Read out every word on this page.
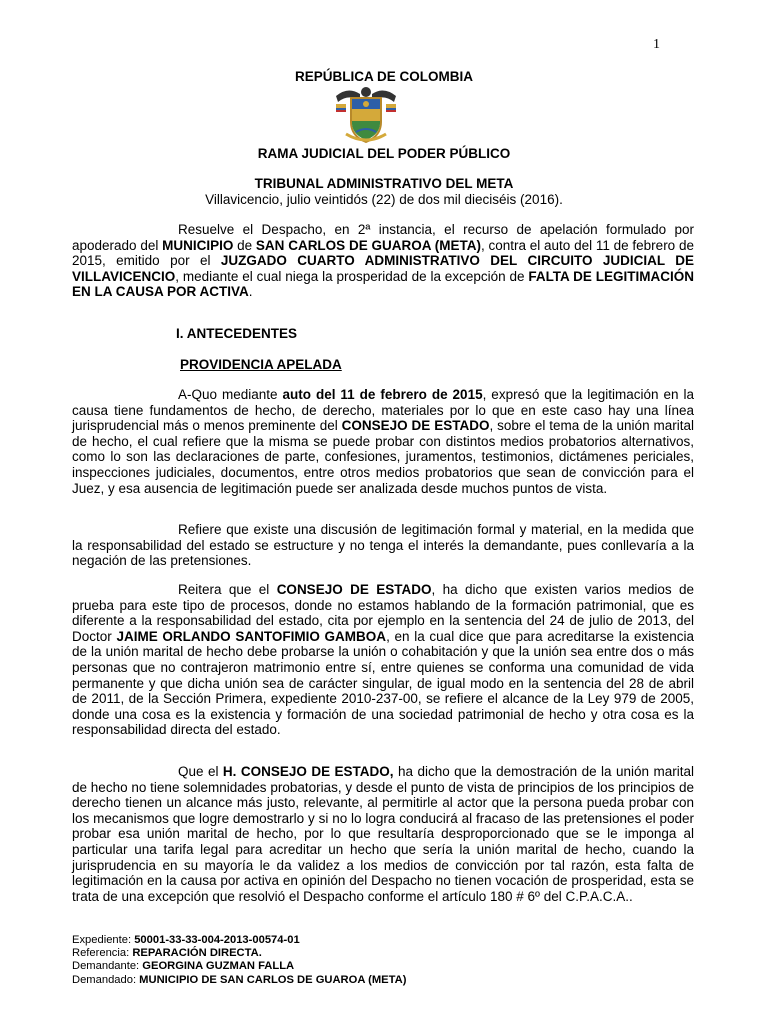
1
REPÚBLICA DE COLOMBIA
RAMA JUDICIAL DEL PODER PÚBLICO
TRIBUNAL ADMINISTRATIVO DEL META
Villavicencio, julio veintidós (22) de dos mil dieciséis (2016).

Resuelve el Despacho, en 2ª instancia, el recurso de apelación formulado por apoderado del MUNICIPIO de SAN CARLOS DE GUAROA (META), contra el auto del 11 de febrero de 2015, emitido por el JUZGADO CUARTO ADMINISTRATIVO DEL CIRCUITO JUDICIAL DE VILLAVICENCIO, mediante el cual niega la prosperidad de la excepción de FALTA DE LEGITIMACIÓN EN LA CAUSA POR ACTIVA.

I. ANTECEDENTES
PROVIDENCIA APELADA

A-Quo mediante auto del 11 de febrero de 2015, expresó que la legitimación en la causa tiene fundamentos de hecho, de derecho, materiales por lo que en este caso hay una línea jurisprudencial más o menos preminente del CONSEJO DE ESTADO, sobre el tema de la unión marital de hecho, el cual refiere que la misma se puede probar con distintos medios probatorios alternativos, como lo son las declaraciones de parte, confesiones, juramentos, testimonios, dictámenes periciales, inspecciones judiciales, documentos, entre otros medios probatorios que sean de convicción para el Juez, y esa ausencia de legitimación puede ser analizada desde muchos puntos de vista.

Refiere que existe una discusión de legitimación formal y material, en la medida que la responsabilidad del estado se estructure y no tenga el interés la demandante, pues conllevaría a la negación de las pretensiones.

Reitera que el CONSEJO DE ESTADO, ha dicho que existen varios medios de prueba para este tipo de procesos, donde no estamos hablando de la formación patrimonial, que es diferente a la responsabilidad del estado, cita por ejemplo en la sentencia del 24 de julio de 2013, del Doctor JAIME ORLANDO SANTOFIMIO GAMBOA, en la cual dice que para acreditarse la existencia de la unión marital de hecho debe probarse la unión o cohabitación y que la unión sea entre dos o más personas que no contrajeron matrimonio entre sí, entre quienes se conforma una comunidad de vida permanente y que dicha unión sea de carácter singular, de igual modo en la sentencia del 28 de abril de 2011, de la Sección Primera, expediente 2010-237-00, se refiere el alcance de la Ley 979 de 2005, donde una cosa es la existencia y formación de una sociedad patrimonial de hecho y otra cosa es la responsabilidad directa del estado.

Que el H. CONSEJO DE ESTADO, ha dicho que la demostración de la unión marital de hecho no tiene solemnidades probatorias, y desde el punto de vista de principios de los principios de derecho tienen un alcance más justo, relevante, al permitirle al actor que la persona pueda probar con los mecanismos que logre demostrarlo y si no lo logra conducirá al fracaso de las pretensiones el poder probar esa unión marital de hecho, por lo que resultaría desproporcionado que se le imponga al particular una tarifa legal para acreditar un hecho que sería la unión marital de hecho, cuando la jurisprudencia en su mayoría le da validez a los medios de convicción por tal razón, esta falta de legitimación en la causa por activa en opinión del Despacho no tienen vocación de prosperidad, esta se trata de una excepción que resolvió el Despacho conforme el artículo 180 # 6º del C.P.A.C.A..

Expediente: 50001-33-33-004-2013-00574-01
Referencia: REPARACIÓN DIRECTA.
Demandante: GEORGINA GUZMAN FALLA
Demandado: MUNICIPIO DE SAN CARLOS DE GUAROA (META)
